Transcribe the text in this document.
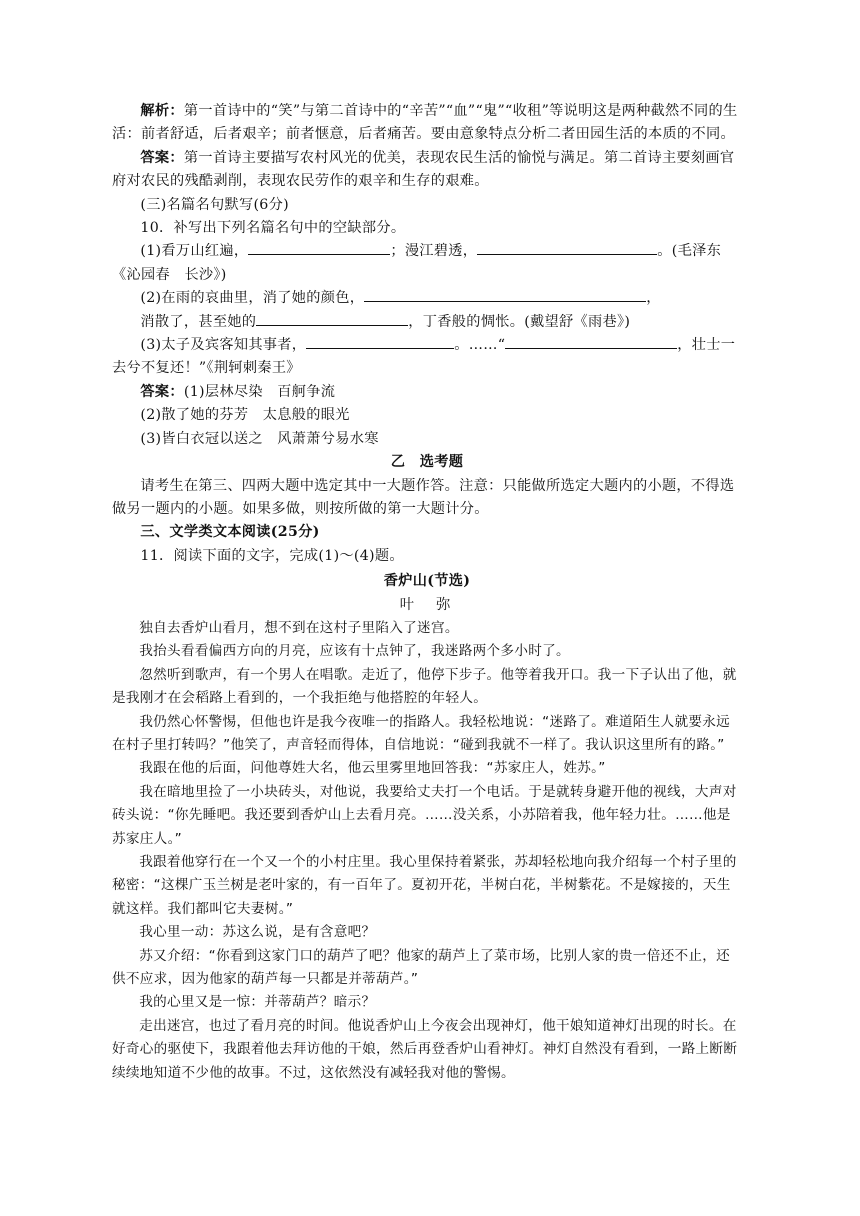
解析：第一首诗中的“笑”与第二首诗中的“辛苦”“血”“鬼”“收租”等说明这是两种截然不同的生活：前者舒适，后者艰辛；前者惬意，后者痛苦。要由意象特点分析二者田园生活的本质的不同。

答案：第一首诗主要描写农村风光的优美，表现农民生活的愉悦与满足。第二首诗主要刻画官府对农民的残酷剥削，表现农民劳作的艰辛和生存的艰难。

(三)名篇名句默写(6分)

10．补写出下列名篇名句中的空缺部分。

(1)看万山红遍，	；漫江碧透，	。(毛泽东《沁园春　长沙》)

(2)在雨的哀曲里，消了她的颜色，	，

消散了，甚至她的	，丁香般的惆怅。(戴望舒《雨巷》)

(3)太子及宾客知其事者，	。……“	，壮士一去兮不复还！”《荆轲刺秦王》

答案：(1)层林尽染　百舸争流

(2)散了她的芬芳　太息般的眼光

(3)皆白衣冠以送之　风萧萧兮易水寒

乙　选考题

请考生在第三、四两大题中选定其中一大题作答。注意：只能做所选定大题内的小题，不得选做另一题内的小题。如果多做，则按所做的第一大题计分。

三、文学类文本阅读(25分)

11．阅读下面的文字，完成(1)～(4)题。

香炉山(节选)

叶　弥

独自去香炉山看月，想不到在这村子里陷入了迷宫。

我抬头看看偏西方向的月亮，应该有十点钟了，我迷路两个多小时了。

忽然听到歌声，有一个男人在唱歌。走近了，他停下步子。他等着我开口。我一下子认出了他，就是我刚才在会稻路上看到的，一个我拒绝与他搭腔的年轻人。

我仍然心怀警惕，但他也许是我今夜唯一的指路人。我轻松地说：“迷路了。难道陌生人就要永远在村子里打转吗？”他笑了，声音轻而得体，自信地说：“碰到我就不一样了。我认识这里所有的路。”

我跟在他的后面，问他尊姓大名，他云里雾里地回答我：“苏家庄人，姓苏。”

我在暗地里捡了一小块砖头，对他说，我要给丈夫打一个电话。于是就转身避开他的视线，大声对砖头说：“你先睡吧。我还要到香炉山上去看月亮。……没关系，小苏陪着我，他年轻力壮。……他是苏家庄人。”

我跟着他穿行在一个又一个的小村庄里。我心里保持着紧张，苏却轻松地向我介绍每一个村子里的秘密：“这棵广玉兰树是老叶家的，有一百年了。夏初开花，半树白花，半树紫花。不是嫁接的，天生就这样。我们都叫它夫妻树。”

我心里一动：苏这么说，是有含意吧？

苏又介绍：“你看到这家门口的葫芦了吧？他家的葫芦上了菜市场，比别人家的贵一倍还不止，还供不应求，因为他家的葫芦每一只都是并蒂葫芦。”

我的心里又是一惊：并蒂葫芦？暗示？

走出迷宫，也过了看月亮的时间。他说香炉山上今夜会出现神灯，他干娘知道神灯出现的时长。在好奇心的驱使下，我跟着他去拜访他的干娘，然后再登香炉山看神灯。神灯自然没有看到，一路上断断续续地知道不少他的故事。不过，这依然没有减轻我对他的警惕。
